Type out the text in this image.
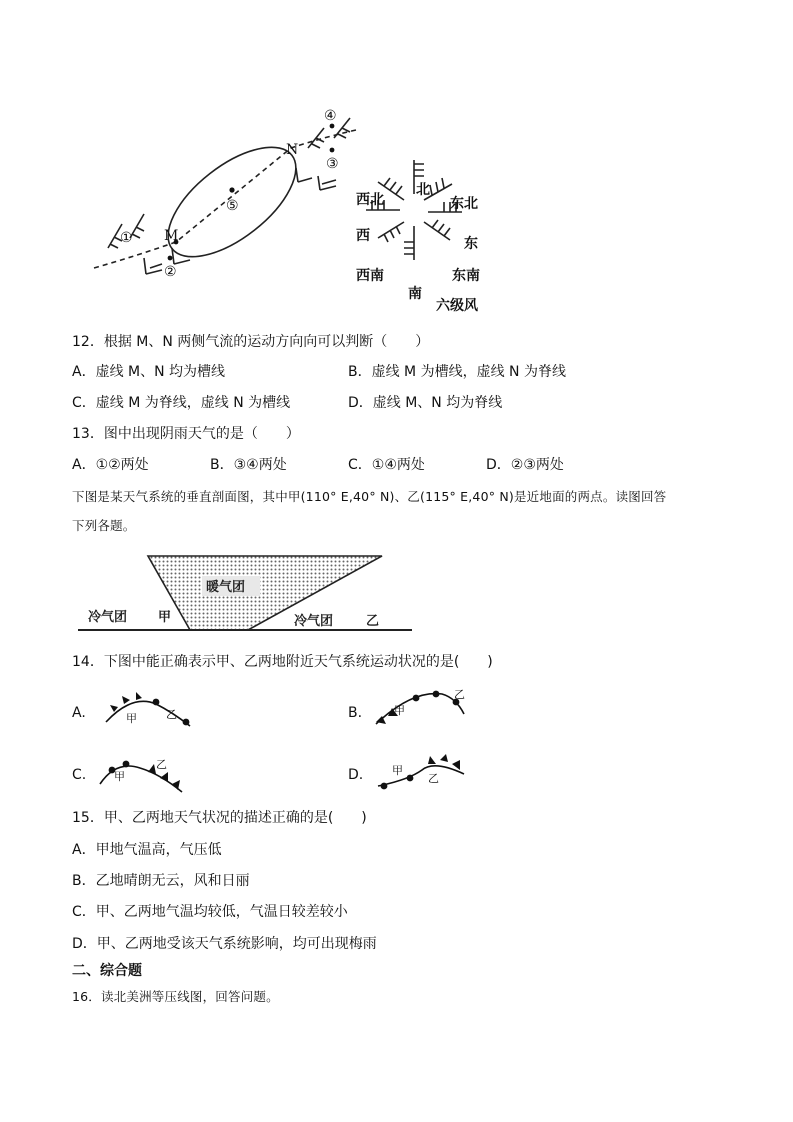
M
N
①
②
③
④
⑤
北
东北
东
东南
南
西南
西
西北
六级风
12．根据 M、N 两侧气流的运动方向向可以判断（　　）
A．虚线 M、N 均为槽线	B．虚线 M 为槽线，虚线 N 为脊线
C．虚线 M 为脊线，虚线 N 为槽线	D．虚线 M、N 均为脊线
13．图中出现阴雨天气的是（　　）
A．①②两处	B．③④两处	C．①④两处	D．②③两处
下图是某天气系统的垂直剖面图，其中甲(110° E,40° N)、乙(115° E,40° N)是近地面的两点。读图回答
下列各题。
暖气团
冷气团 甲	冷气团	乙
14．下图中能正确表示甲、乙两地附近天气系统运动状况的是(　　)
A.	甲	乙	B.	甲
乙
C.	甲
乙
D.	甲
乙
15．甲、乙两地天气状况的描述正确的是(　　)
A．甲地气温高，气压低
B．乙地晴朗无云，风和日丽
C．甲、乙两地气温均较低，气温日较差较小
D．甲、乙两地受该天气系统影响，均可出现梅雨
二、综合题
16．读北美洲等压线图，回答问题。
